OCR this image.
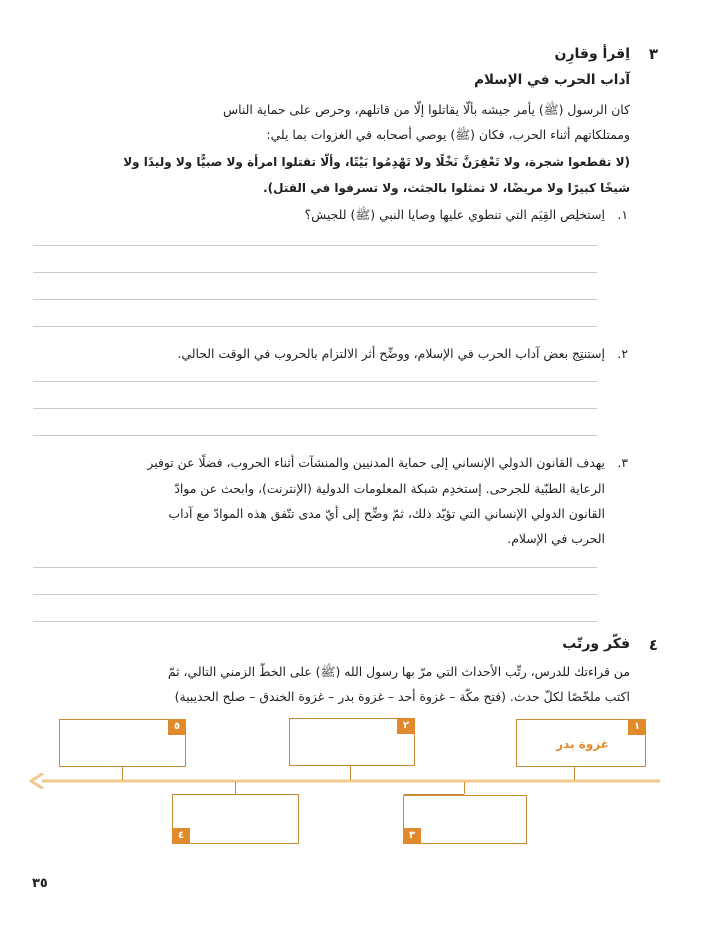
٣
اِقرأ وقارِن
آداب الحرب في الإسلام
كان الرسول (ﷺ) يأمر جيشه بألّا يقاتلوا إلّا من قاتلهم، وحرص على حماية الناس
وممتلكاتهم أثناء الحرب، فكان (ﷺ) يوصي أصحابه في الغزوات بما يلي:
(لا تقطعوا شجرة، ولا تَعْقِرَنَّ نَخْلًا ولا تَهْدِمُوا بَيْتًا، وألّا تقتلوا امرأة ولا صبيًّا ولا وليدًا ولا
شيخًا كبيرًا ولا مريضًا، لا تمثلوا بالجثث، ولا تسرفوا في القتل).
١.
اِستخلِص القِيَم التي تنطوي عليها وصايا النبي (ﷺ) للجيش؟
٢.
إستنتِج بعض آداب الحرب في الإسلام، ووضِّح أثر الالتزام بالحروب في الوقت الحالي.
٣.
يهدف القانون الدولي الإنساني إلى حماية المدنيين والمنشآت أثناء الحروب، فضلًا عن توفير
الرعاية الطبّية للجرحى. إستخدِم شبكة المعلومات الدولية (الإنترنت)، وابحث عن موادّ
القانون الدولي الإنساني التي تؤيّد ذلك، ثمّ وضِّح إلى أيّ مدى تتّفق هذه الموادّ مع آداب
الحرب في الإسلام.
٤
فكّر ورتّب
من قراءتك للدرس، رتِّب الأحداث التي مرّ بها رسول الله (ﷺ) على الخطّ الزمني التالي، ثمّ
اكتب ملخّصًا لكلّ حدث. (فتح مكّة – غزوة أحد – غزوة بدر – غزوة الخندق – صلح الحديبية)
١
غزوة بدر
٢
٥
٣
٤
٣٥
